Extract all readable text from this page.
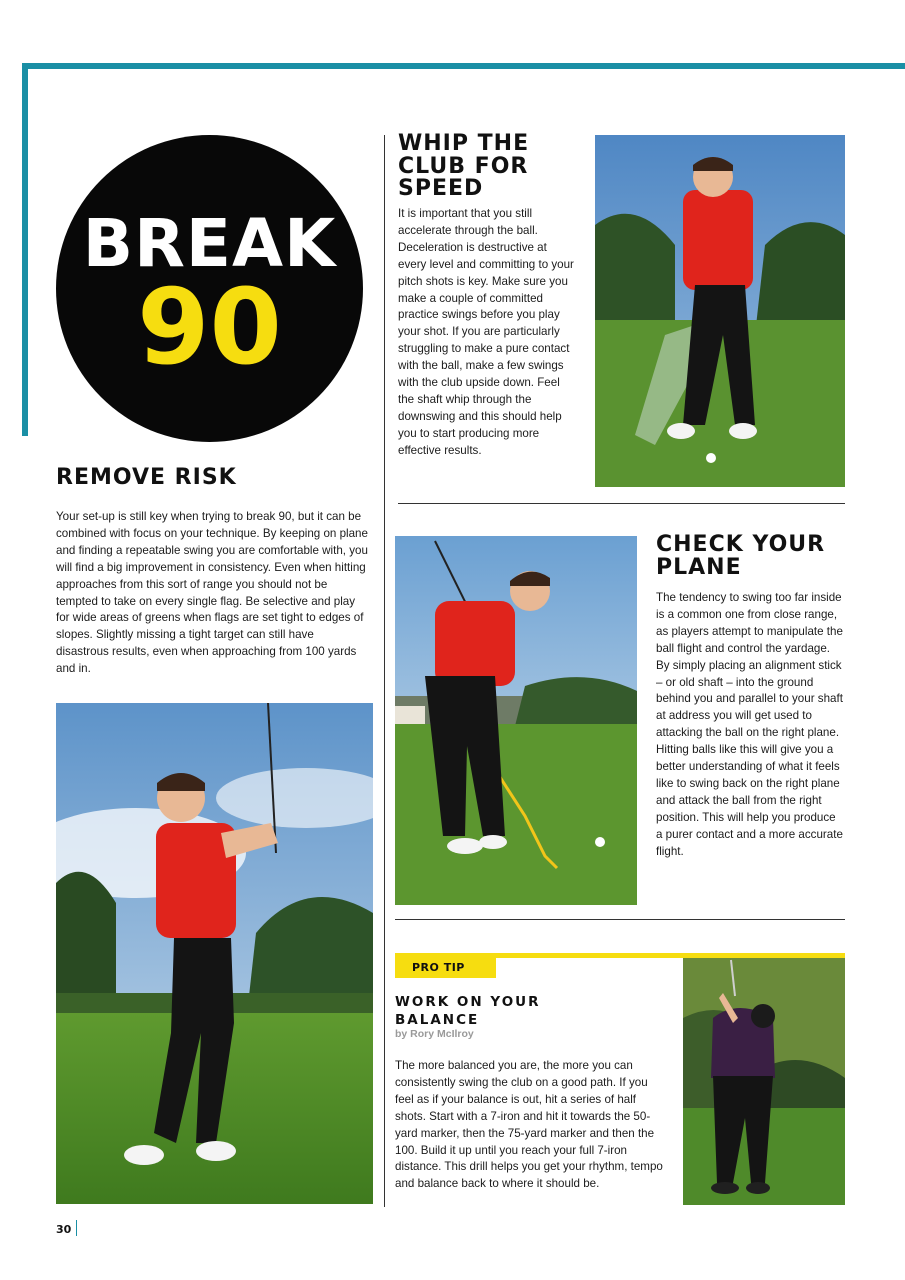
BREAK
90
REMOVE RISK
Your set-up is still key when trying to break 90, but it can be combined with focus on your technique. By keeping on plane and finding a repeatable swing you are comfortable with, you will find a big improvement in consistency. Even when hitting approaches from this sort of range you should not be tempted to take on every single flag. Be selective and play for wide areas of greens when flags are set tight to edges of slopes. Slightly missing a tight target can still have disastrous results, even when approaching from 100 yards and in.
WHIP THE
CLUB FOR
SPEED
It is important that you still accelerate through the ball. Deceleration is destructive at every level and committing to your pitch shots is key. Make sure you make a couple of committed practice swings before you play your shot. If you are particularly struggling to make a pure contact with the ball, make a few swings with the club upside down. Feel the shaft whip through the downswing and this should help you to start producing more effective results.
CHECK YOUR
PLANE
The tendency to swing too far inside is a common one from close range, as players attempt to manipulate the ball flight and control the yardage. By simply placing an alignment stick – or old shaft – into the ground behind you and parallel to your shaft at address you will get used to attacking the ball on the right plane. Hitting balls like this will give you a better understanding of what it feels like to swing back on the right plane and attack the ball from the right position. This will help you produce a purer contact and a more accurate flight.
PRO TIP
WORK ON YOUR
BALANCE
by Rory McIlroy
The more balanced you are, the more you can consistently swing the club on a good path. If you feel as if your balance is out, hit a series of half shots. Start with a 7-iron and hit it towards the 50-yard marker, then the 75-yard marker and then the 100. Build it up until you reach your full 7-iron distance. This drill helps you get your rhythm, tempo and balance back to where it should be.
30
